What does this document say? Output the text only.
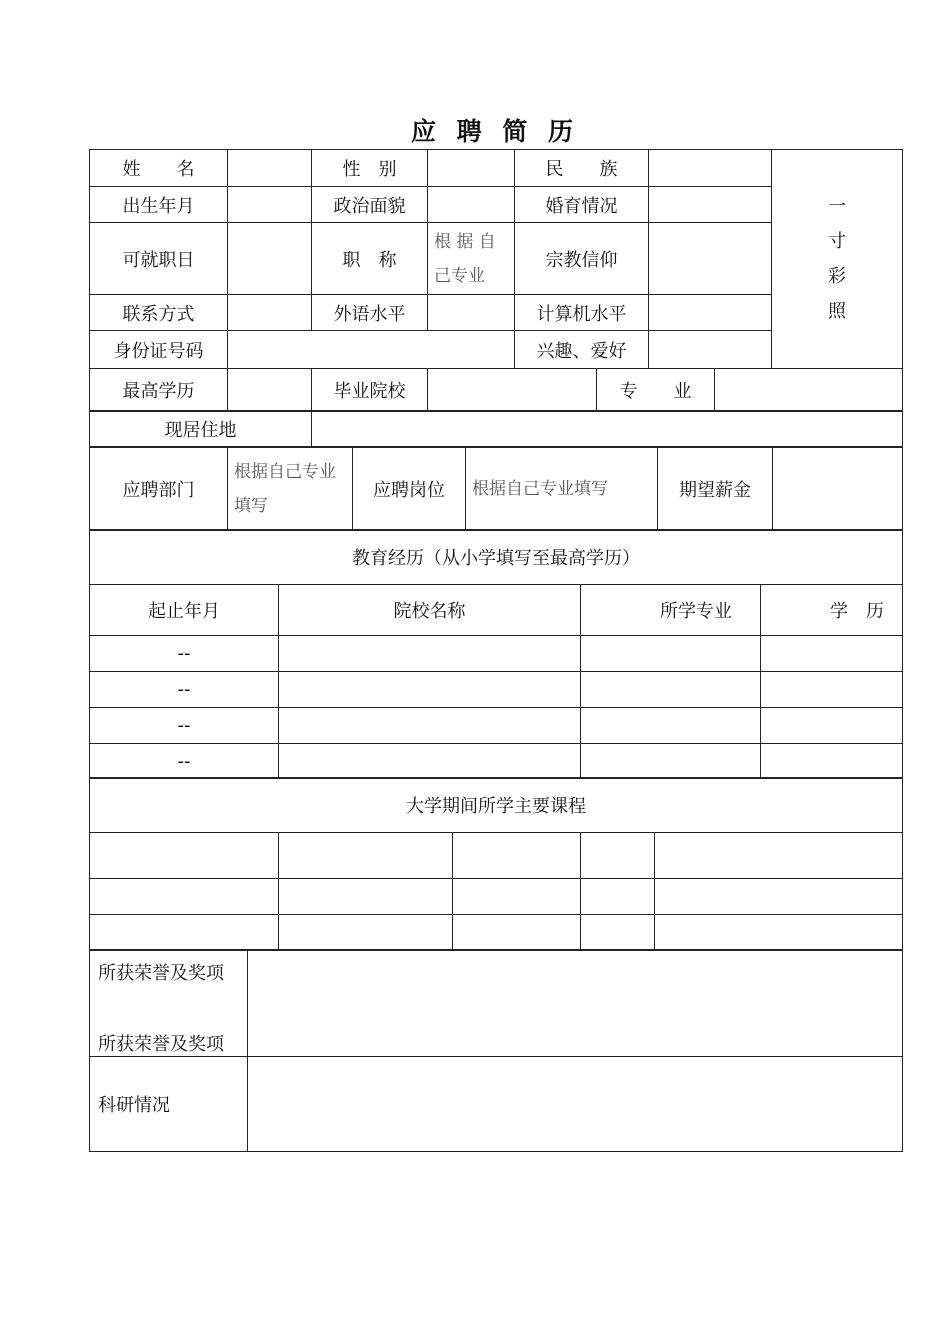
应 聘 简 历
姓　　名		性　别		民　　族		一
寸
彩
照

出生年月		政治面貌		婚育情况		
可就职日		职　称	根 据 自 己专业	宗教信仰		
联系方式		外语水平		计算机水平		
身份证号码				兴趣、爱好		
最高学历		毕业院校		专　　业	
现居住地	
应聘部门	根据自己专业填写	应聘岗位	根据自己专业填写	期望薪金	
教育经历（从小学填写至最高学历）			
起止年月	院校名称	所学专业	学　历
--			
--			
--			
--			
大学期间所学主要课程				

所获荣誉及奖项
所获荣誉及奖项	

科研情况	
